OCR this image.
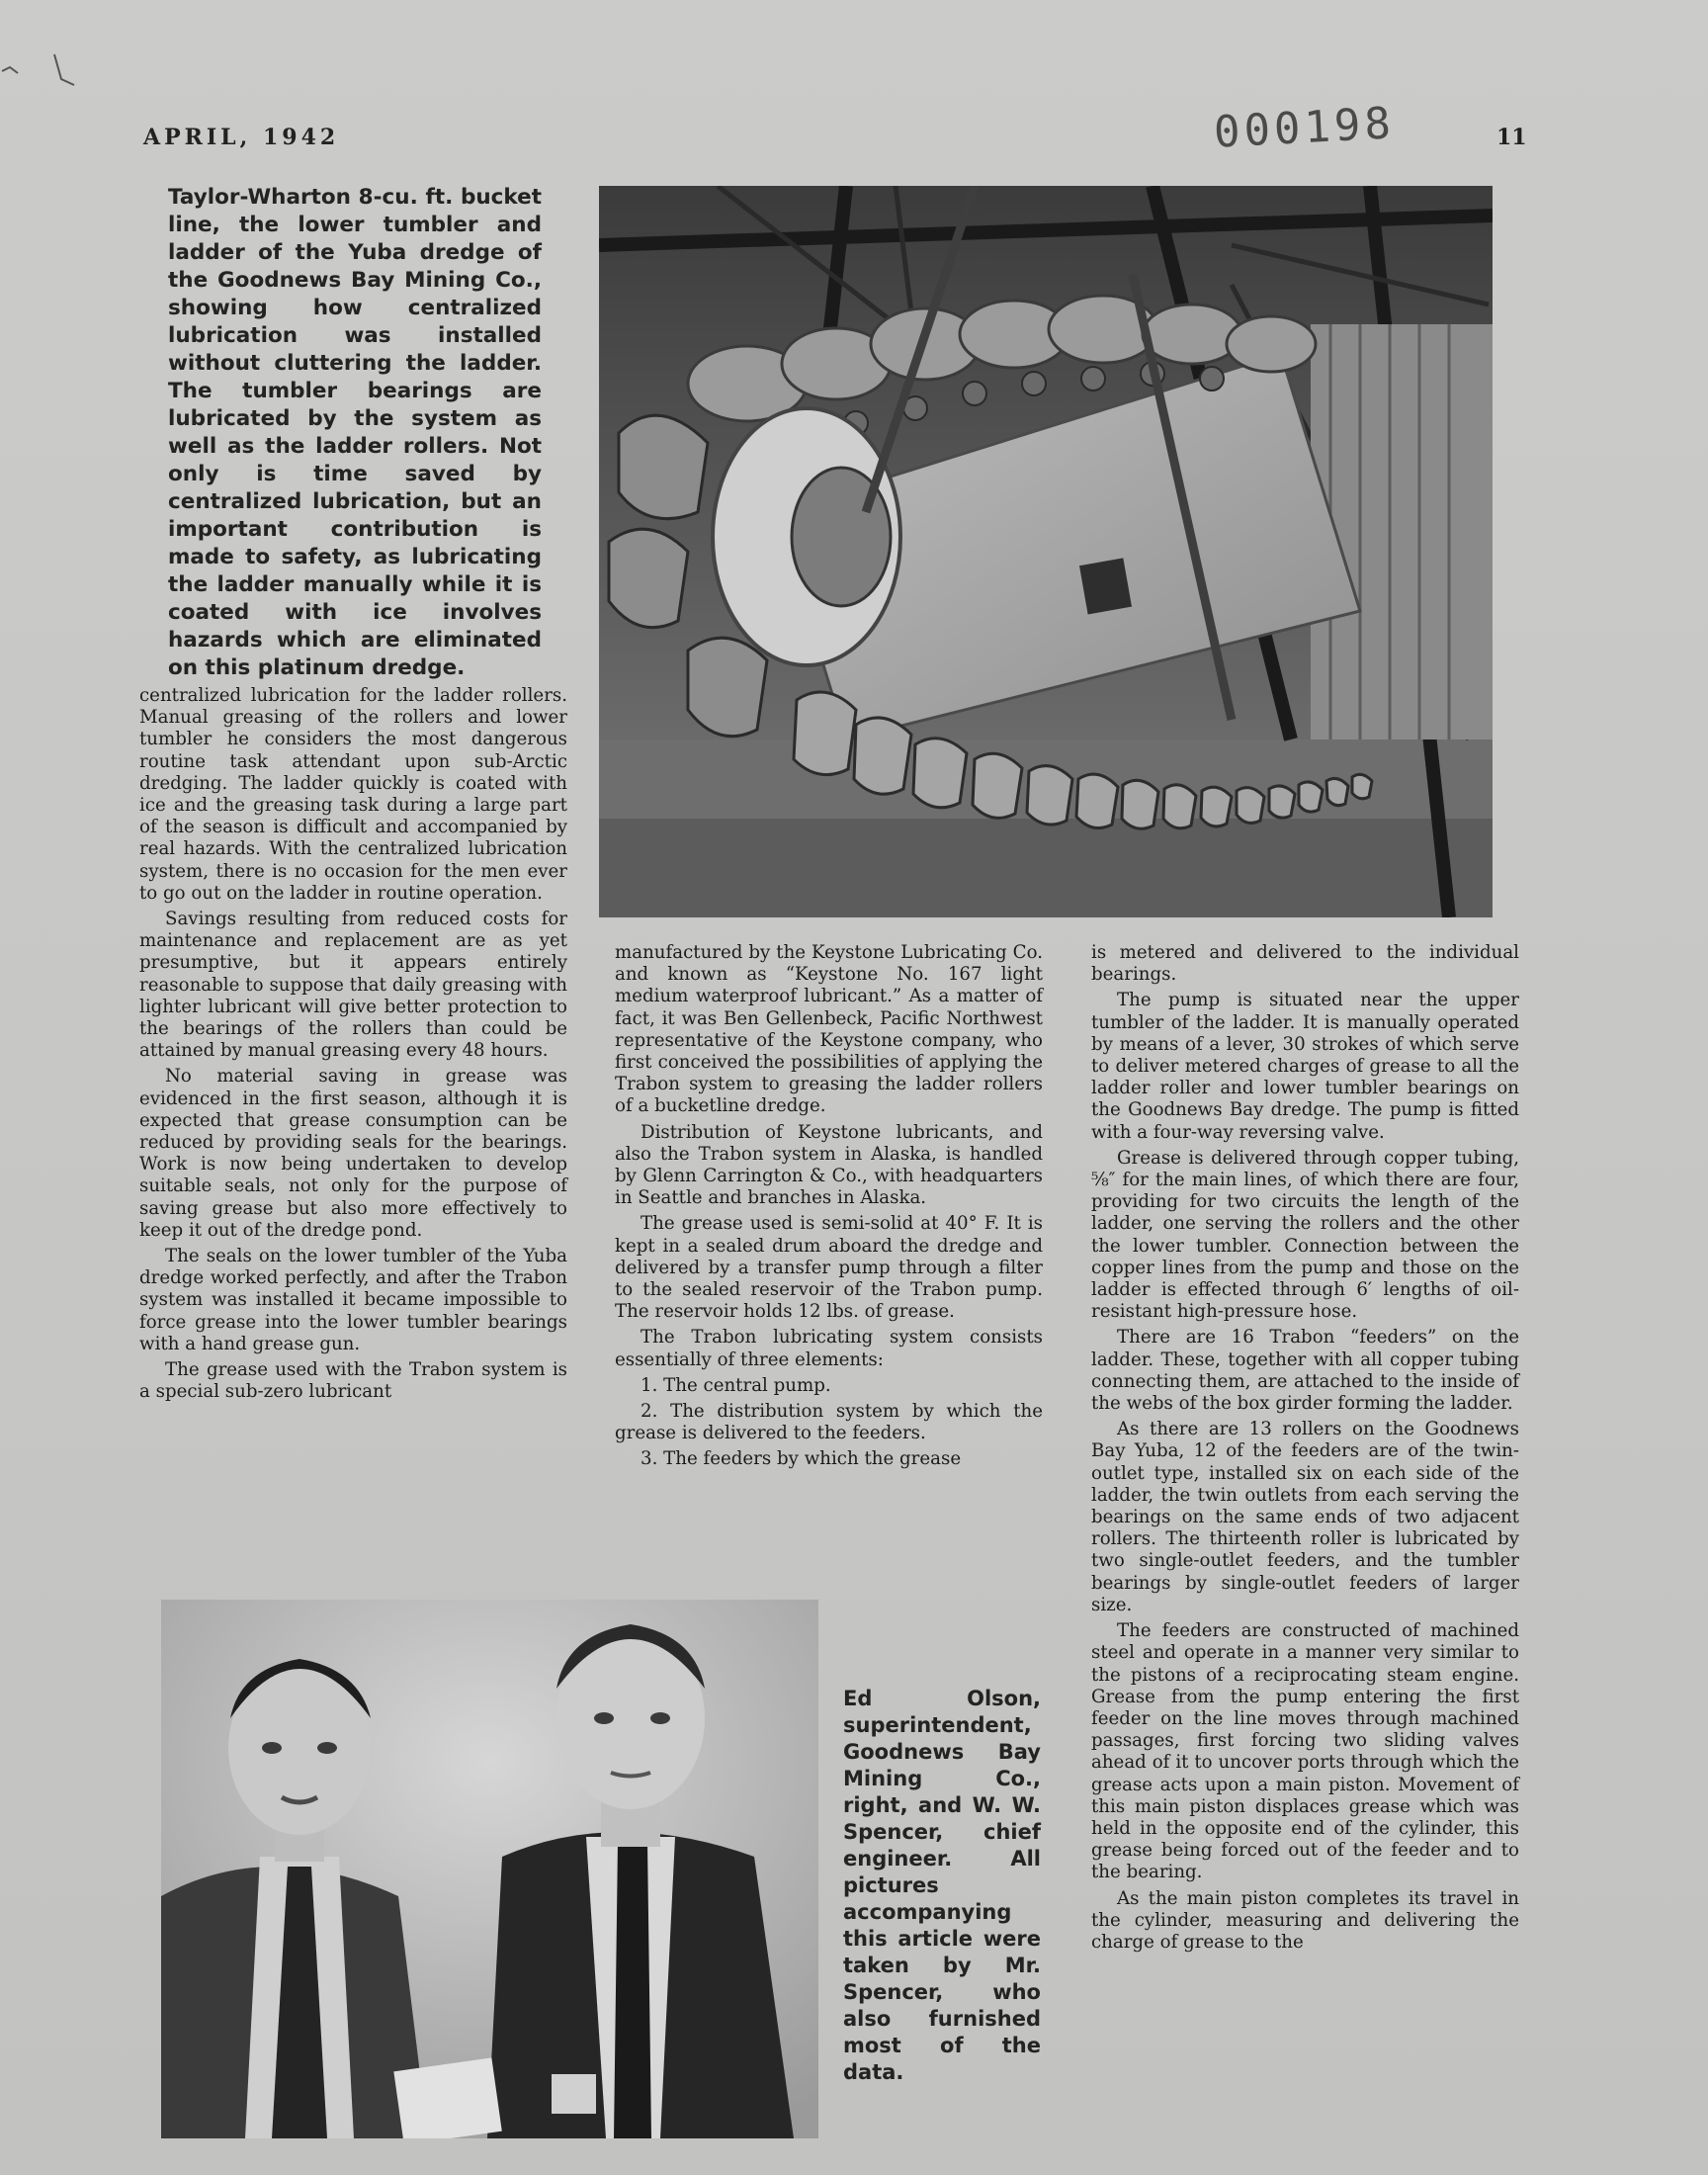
APRIL, 1942	000198	11
Taylor-Wharton 8-cu. ft. bucket line, the lower tumbler and ladder of the Yuba dredge of the Goodnews Bay Mining Co., showing how centralized lubrication was installed without cluttering the ladder. The tumbler bearings are lubricated by the system as well as the ladder rollers. Not only is time saved by centralized lubrication, but an important contribution is made to safety, as lubricating the ladder manually while it is coated with ice involves hazards which are eliminated on this platinum dredge.

centralized lubrication for the ladder rollers. Manual greasing of the rollers and lower tumbler he considers the most dangerous routine task attendant upon sub-Arctic dredging. The ladder quickly is coated with ice and the greasing task during a large part of the season is difficult and accompanied by real hazards. With the centralized lubrication system, there is no occasion for the men ever to go out on the ladder in routine operation.

Savings resulting from reduced costs for maintenance and replacement are as yet presumptive, but it appears entirely reasonable to suppose that daily greasing with lighter lubricant will give better protection to the bearings of the rollers than could be attained by manual greasing every 48 hours.

No material saving in grease was evidenced in the first season, although it is expected that grease consumption can be reduced by providing seals for the bearings. Work is now being undertaken to develop suitable seals, not only for the purpose of saving grease but also more effectively to keep it out of the dredge pond.

The seals on the lower tumbler of the Yuba dredge worked perfectly, and after the Trabon system was installed it became impossible to force grease into the lower tumbler bearings with a hand grease gun.

The grease used with the Trabon system is a special sub-zero lubricant

manufactured by the Keystone Lubricating Co. and known as “Keystone No. 167 light medium waterproof lubricant.” As a matter of fact, it was Ben Gellenbeck, Pacific Northwest representative of the Keystone company, who first conceived the possibilities of applying the Trabon system to greasing the ladder rollers of a bucketline dredge.

Distribution of Keystone lubricants, and also the Trabon system in Alaska, is handled by Glenn Carrington & Co., with headquarters in Seattle and branches in Alaska.

The grease used is semi-solid at 40° F. It is kept in a sealed drum aboard the dredge and delivered by a transfer pump through a filter to the sealed reservoir of the Trabon pump. The reservoir holds 12 lbs. of grease.

The Trabon lubricating system consists essentially of three elements:

1. The central pump.

2. The distribution system by which the grease is delivered to the feeders.

3. The feeders by which the grease

is metered and delivered to the individual bearings.

The pump is situated near the upper tumbler of the ladder. It is manually operated by means of a lever, 30 strokes of which serve to deliver metered charges of grease to all the ladder roller and lower tumbler bearings on the Goodnews Bay dredge. The pump is fitted with a four-way reversing valve.

Grease is delivered through copper tubing, ⅝″ for the main lines, of which there are four, providing for two circuits the length of the ladder, one serving the rollers and the other the lower tumbler. Connection between the copper lines from the pump and those on the ladder is effected through 6′ lengths of oil-resistant high-pressure hose.

There are 16 Trabon “feeders” on the ladder. These, together with all copper tubing connecting them, are attached to the inside of the webs of the box girder forming the ladder.

As there are 13 rollers on the Goodnews Bay Yuba, 12 of the feeders are of the twin-outlet type, installed six on each side of the ladder, the twin outlets from each serving the bearings on the same ends of two adjacent rollers. The thirteenth roller is lubricated by two single-outlet feeders, and the tumbler bearings by single-outlet feeders of larger size.

The feeders are constructed of machined steel and operate in a manner very similar to the pistons of a reciprocating steam engine. Grease from the pump entering the first feeder on the line moves through machined passages, first forcing two sliding valves ahead of it to uncover ports through which the grease acts upon a main piston. Movement of this main piston displaces grease which was held in the opposite end of the cylinder, this grease being forced out of the feeder and to the bearing.

As the main piston completes its travel in the cylinder, measuring and delivering the charge of grease to the

Ed Olson, superintendent, Goodnews Bay Mining Co., right, and W. W. Spencer, chief engineer. All pictures accompanying this article were taken by Mr. Spencer, who also furnished most of the data.
